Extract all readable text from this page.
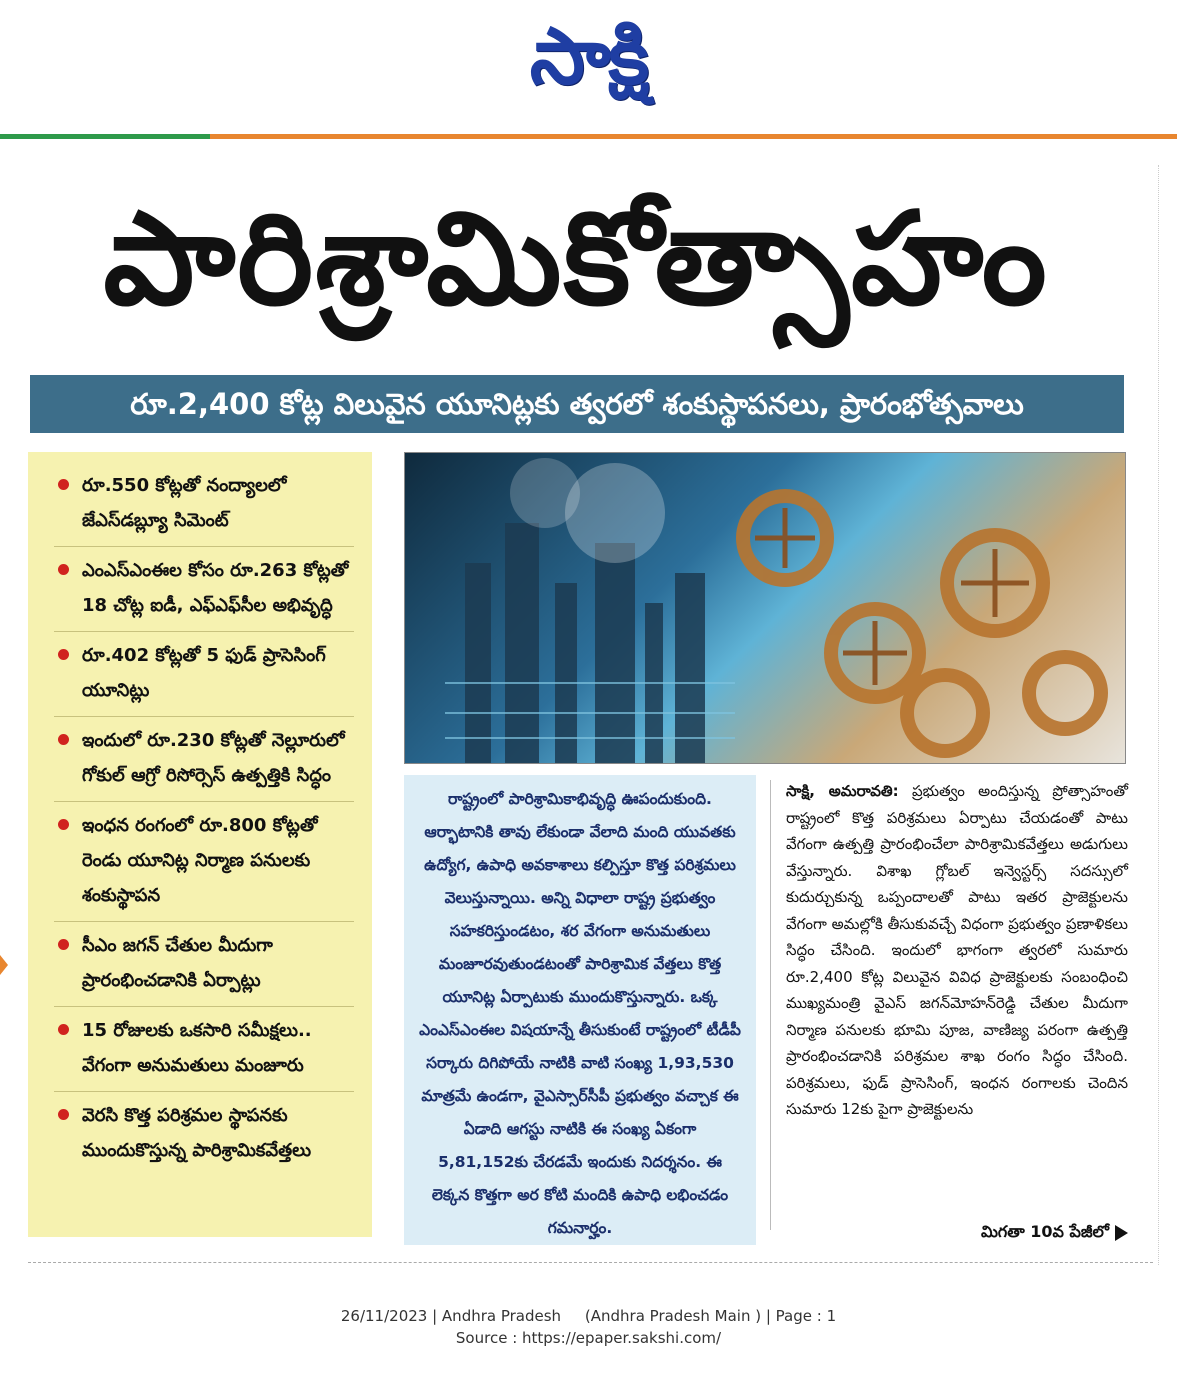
సాక్షి
పారిశ్రామికోత్సాహం
రూ.2,400 కోట్ల విలువైన యూనిట్లకు త్వరలో శంకుస్థాపనలు, ప్రారంభోత్సవాలు
రూ.550 కోట్లతో నంద్యాలలో జేఎస్‌డబ్ల్యూ సిమెంట్
ఎంఎస్‌ఎంఈల కోసం రూ.263 కోట్లతో 18 చోట్ల ఐడీ, ఎఫ్‌ఎఫ్‌సీల అభివృద్ధి
రూ.402 కోట్లతో 5 ఫుడ్ ప్రాసెసింగ్ యూనిట్లు
ఇందులో రూ.230 కోట్లతో నెల్లూరులో గోకుల్ ఆగ్రో రిసోర్సెస్ ఉత్పత్తికి సిద్ధం
ఇంధన రంగంలో రూ.800 కోట్లతో రెండు యూనిట్ల నిర్మాణ పనులకు శంకుస్థాపన
సీఎం జగన్ చేతుల మీదుగా ప్రారంభించడానికి ఏర్పాట్లు
15 రోజులకు ఒకసారి సమీక్షలు.. వేగంగా అనుమతులు మంజూరు
వెరసి కొత్త పరిశ్రమల స్థాపనకు ముందుకొస్తున్న పారిశ్రామికవేత్తలు

రాష్ట్రంలో పారిశ్రామికాభివృద్ధి ఊపందుకుంది. ఆర్భాటానికి తావు లేకుండా వేలాది మంది యువతకు ఉద్యోగ, ఉపాధి అవకాశాలు కల్పిస్తూ కొత్త పరిశ్రమలు వెలుస్తున్నాయి. అన్ని విధాలా రాష్ట్ర ప్రభుత్వం సహకరిస్తుండటం, శర వేగంగా అనుమతులు మంజూరవుతుండటంతో పారిశ్రామిక వేత్తలు కొత్త యూనిట్ల ఏర్పాటుకు ముందుకొస్తున్నారు. ఒక్క ఎంఎస్‌ఎంఈల విషయాన్నే తీసుకుంటే రాష్ట్రంలో టీడీపీ సర్కారు దిగిపోయే నాటికి వాటి సంఖ్య 1,93,530 మాత్రమే ఉండగా, వైఎస్సార్‌సీపీ ప్రభుత్వం వచ్చాక ఈ ఏడాది ఆగస్టు నాటికి ఈ సంఖ్య ఏకంగా 5,81,152కు చేరడమే ఇందుకు నిదర్శనం. ఈ లెక్కన కొత్తగా అర కోటి మందికి ఉపాధి లభించడం గమనార్హం.

సాక్షి, అమరావతి: ప్రభుత్వం అందిస్తున్న ప్రోత్సాహంతో రాష్ట్రంలో కొత్త పరిశ్రమలు ఏర్పాటు చేయడంతో పాటు వేగంగా ఉత్పత్తి ప్రారంభించేలా పారిశ్రామికవేత్తలు అడుగులు వేస్తున్నారు. విశాఖ గ్లోబల్ ఇన్వెస్టర్స్ సదస్సులో కుదుర్చుకున్న ఒప్పందాలతో పాటు ఇతర ప్రాజెక్టులను వేగంగా అమల్లోకి తీసుకువచ్చే విధంగా ప్రభుత్వం ప్రణాళికలు సిద్ధం చేసింది. ఇందులో భాగంగా త్వరలో సుమారు రూ.2,400 కోట్ల విలువైన వివిధ ప్రాజెక్టులకు సంబంధించి ముఖ్యమంత్రి వైఎస్ జగన్‌మోహన్‌రెడ్డి చేతుల మీదుగా నిర్మాణ పనులకు భూమి పూజ, వాణిజ్య పరంగా ఉత్పత్తి ప్రారంభించడానికి పరిశ్రమల శాఖ రంగం సిద్ధం చేసింది. పరిశ్రమలు, ఫుడ్ ప్రాసెసింగ్, ఇంధన రంగాలకు చెందిన సుమారు 12కు పైగా ప్రాజెక్టులను

మిగతా 10వ పేజీలో
26/11/2023 | Andhra Pradesh     (Andhra Pradesh Main ) | Page : 1
Source : https://epaper.sakshi.com/
